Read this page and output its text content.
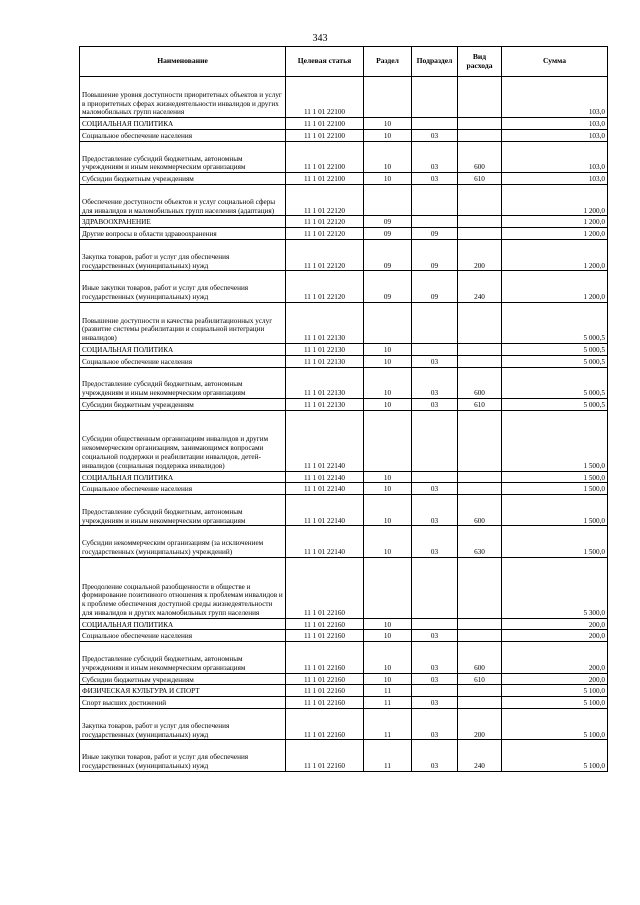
343
Наименование	Целевая статья	Раздел	Подраздел	Вид расхода	Сумма
Повышение уровня доступности приоритетных объектов и услуг в приоритетных сферах жизнедеятельности инвалидов и других маломобильных групп населения	11 1 01 22100				103,0
СОЦИАЛЬНАЯ ПОЛИТИКА	11 1 01 22100	10			103,0
Социальное обеспечение населения	11 1 01 22100	10	03		103,0
Предоставление субсидий бюджетным, автономным учреждениям и иным некоммерческим организациям	11 1 01 22100	10	03	600	103,0
Субсидии бюджетным учреждениям	11 1 01 22100	10	03	610	103,0
Обеспечение доступности объектов и услуг социальной сферы для инвалидов и маломобильных групп населения (адаптация)	11 1 01 22120				1 200,0
ЗДРАВООХРАНЕНИЕ	11 1 01 22120	09			1 200,0
Другие вопросы в области здравоохранения	11 1 01 22120	09	09		1 200,0
Закупка товаров, работ и услуг для обеспечения государственных (муниципальных) нужд	11 1 01 22120	09	09	200	1 200,0
Иные закупки товаров, работ и услуг для обеспечения государственных (муниципальных) нужд	11 1 01 22120	09	09	240	1 200,0
Повышение доступности и качества реабилитационных услуг (развитие системы реабилитации и социальной интеграции инвалидов)	11 1 01 22130				5 000,5
СОЦИАЛЬНАЯ ПОЛИТИКА	11 1 01 22130	10			5 000,5
Социальное обеспечение населения	11 1 01 22130	10	03		5 000,5
Предоставление субсидий бюджетным, автономным учреждениям и иным некоммерческим организациям	11 1 01 22130	10	03	600	5 000,5
Субсидии бюджетным учреждениям	11 1 01 22130	10	03	610	5 000,5
Субсидии общественным организациям инвалидов и другим некоммерческим организациям, занимающимся вопросами социальной поддержки и реабилитации инвалидов, детей-инвалидов (социальная поддержка инвалидов)	11 1 01 22140				1 500,0
СОЦИАЛЬНАЯ ПОЛИТИКА	11 1 01 22140	10			1 500,0
Социальное обеспечение населения	11 1 01 22140	10	03		1 500,0
Предоставление субсидий бюджетным, автономным учреждениям и иным некоммерческим организациям	11 1 01 22140	10	03	600	1 500,0
Субсидии некоммерческим организациям (за исключением государственных (муниципальных) учреждений)	11 1 01 22140	10	03	630	1 500,0
Преодоление социальной разобщенности в обществе и формирование позитивного отношения к проблемам инвалидов и к проблеме обеспечения доступной среды жизнедеятельности для инвалидов и других маломобильных групп населения	11 1 01 22160				5 300,0
СОЦИАЛЬНАЯ ПОЛИТИКА	11 1 01 22160	10			200,0
Социальное обеспечение населения	11 1 01 22160	10	03		200,0
Предоставление субсидий бюджетным, автономным учреждениям и иным некоммерческим организациям	11 1 01 22160	10	03	600	200,0
Субсидии бюджетным учреждениям	11 1 01 22160	10	03	610	200,0
ФИЗИЧЕСКАЯ КУЛЬТУРА И СПОРТ	11 1 01 22160	11			5 100,0
Спорт высших достижений	11 1 01 22160	11	03		5 100,0
Закупка товаров, работ и услуг для обеспечения государственных (муниципальных) нужд	11 1 01 22160	11	03	200	5 100,0
Иные закупки товаров, работ и услуг для обеспечения государственных (муниципальных) нужд	11 1 01 22160	11	03	240	5 100,0
